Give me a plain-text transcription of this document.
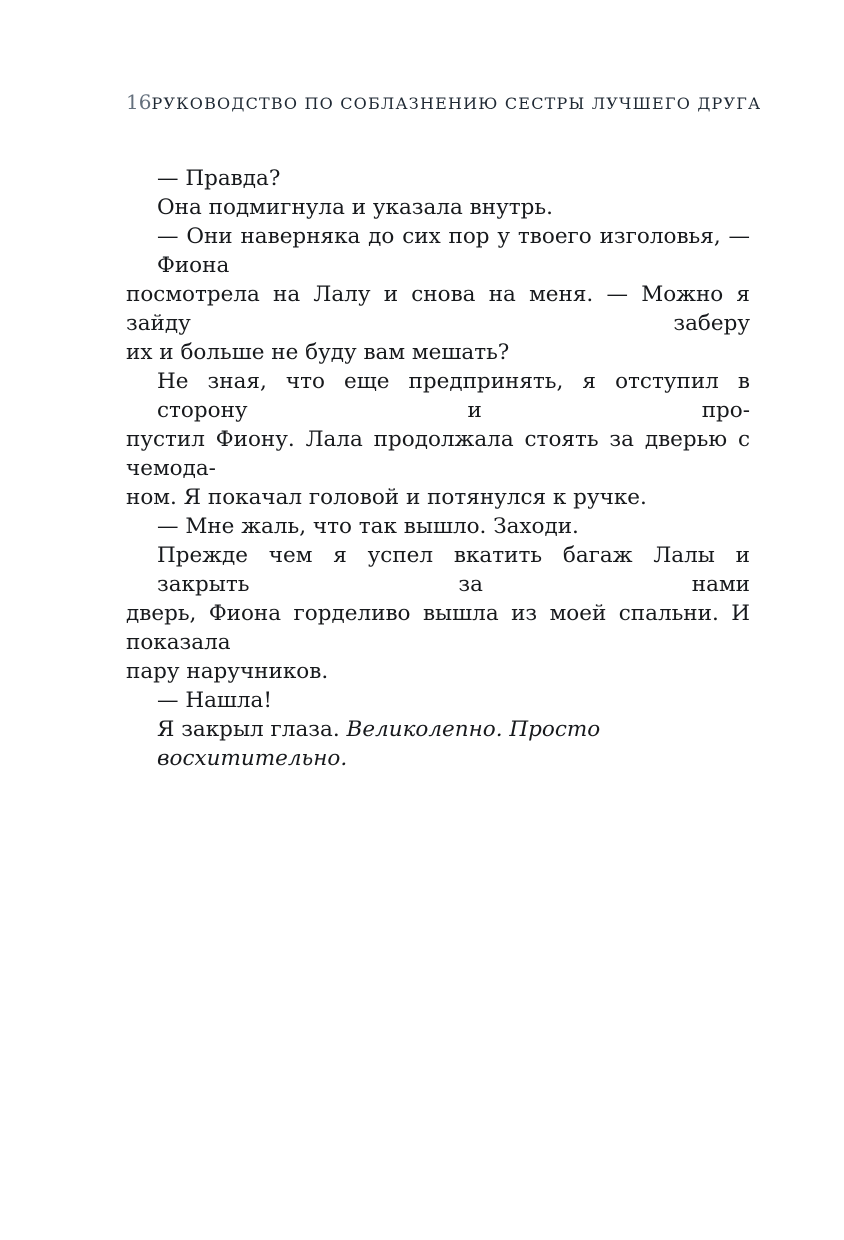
16 РУКОВОДСТВО ПО СОБЛАЗНЕНИЮ СЕСТРЫ ЛУЧШЕГО ДРУГА
— Правда?
Она подмигнула и указала внутрь.
— Они наверняка до сих пор у твоего изголовья, — Фиона
посмотрела на Лалу и снова на меня. — Можно я зайду заберу
их и больше не буду вам мешать?
Не зная, что еще предпринять, я отступил в сторону и про-
пустил Фиону. Лала продолжала стоять за дверью с чемода-
ном. Я покачал головой и потянулся к ручке.
— Мне жаль, что так вышло. Заходи.
Прежде чем я успел вкатить багаж Лалы и закрыть за нами
дверь, Фиона горделиво вышла из моей спальни. И показала
пару наручников.
— Нашла!
Я закрыл глаза. Великолепно. Просто восхитительно.
